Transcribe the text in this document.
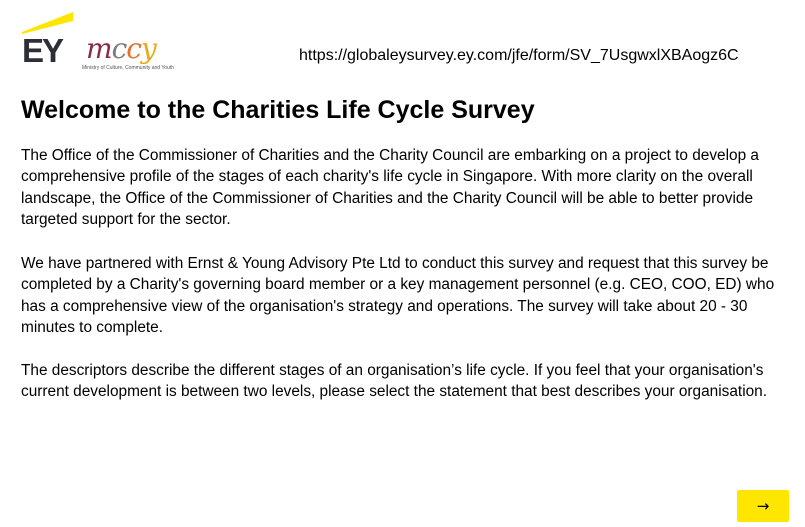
EY mccy
Ministry of Culture, Community and Youth
https://globaleysurvey.ey.com/jfe/form/SV_7UsgwxlXBAogz6C
Welcome to the Charities Life Cycle Survey

The Office of the Commissioner of Charities and the Charity Council are embarking on a project to develop a comprehensive profile of the stages of each charity's life cycle in Singapore. With more clarity on the overall landscape, the Office of the Commissioner of Charities and the Charity Council will be able to better provide targeted support for the sector.

We have partnered with Ernst & Young Advisory Pte Ltd to conduct this survey and request that this survey be completed by a Charity's governing board member or a key management personnel (e.g. CEO, COO, ED) who has a comprehensive view of the organisation's strategy and operations. The survey will take about 20 - 30 minutes to complete.

The descriptors describe the different stages of an organisation’s life cycle. If you feel that your organisation's current development is between two levels, please select the statement that best describes your organisation.

→
